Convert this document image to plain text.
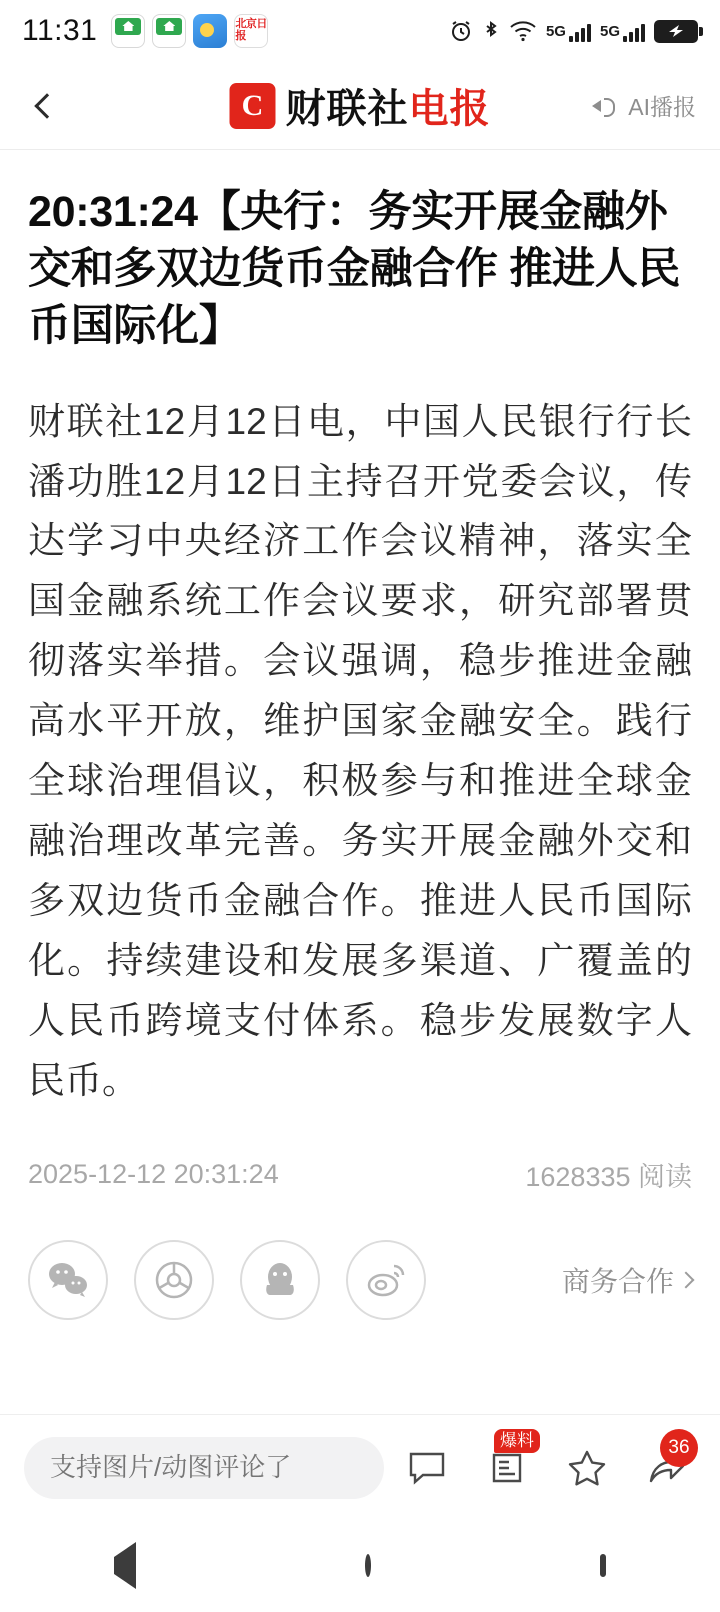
11:31	北京日报	5G 5G
C 财联社电报	AI播报
20:31:24【央行：务实开展金融外交和多双边货币金融合作 推进人民币国际化】

财联社12月12日电，中国人民银行行长潘功胜12月12日主持召开党委会议，传达学习中央经济工作会议精神，落实全国金融系统工作会议要求，研究部署贯彻落实举措。会议强调，稳步推进金融高水平开放，维护国家金融安全。践行全球治理倡议，积极参与和推进全球金融治理改革完善。务实开展金融外交和多双边货币金融合作。推进人民币国际化。持续建设和发展多渠道、广覆盖的人民币跨境支付体系。稳步发展数字人民币。

2025-12-12 20:31:24	1628335 阅读
商务合作
支持图片/动图评论了
爆料	36
